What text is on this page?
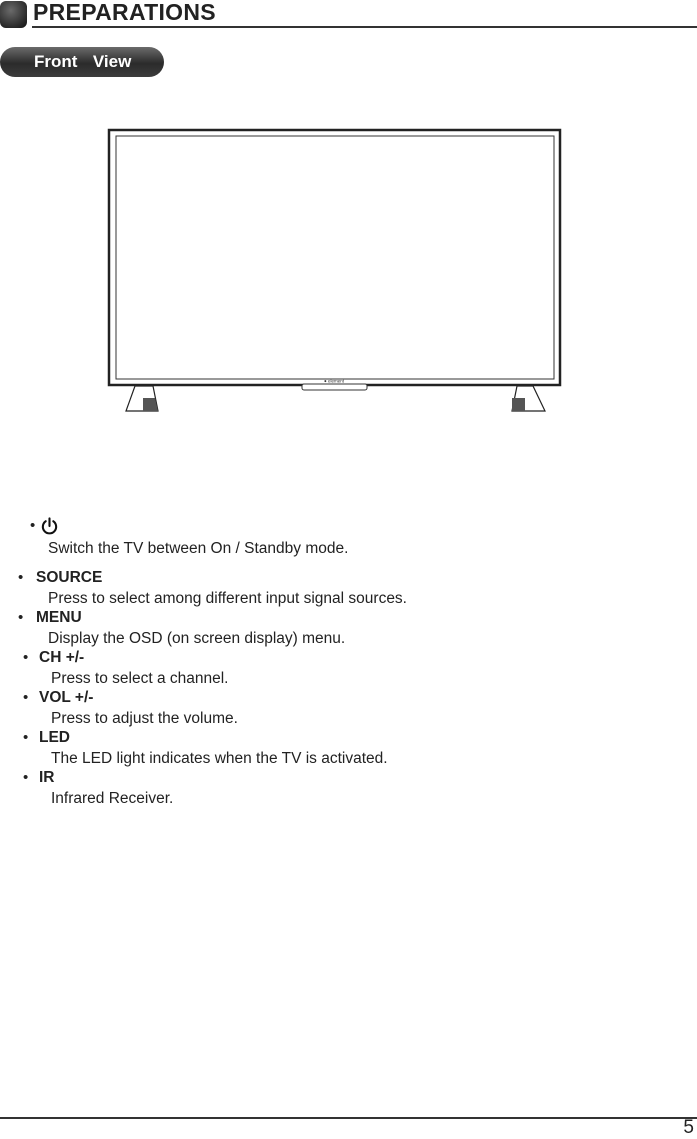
PREPARATIONS
Front  View
● element
•
Switch the TV between On / Standby mode.
• SOURCE
Press to select among different input signal sources.
• MENU
Display the OSD (on screen display) menu.
• CH +/-
Press to select a channel.
• VOL +/-
Press to adjust the volume.
• LED
The LED light indicates when the TV is activated.
• IR
Infrared Receiver.
5
